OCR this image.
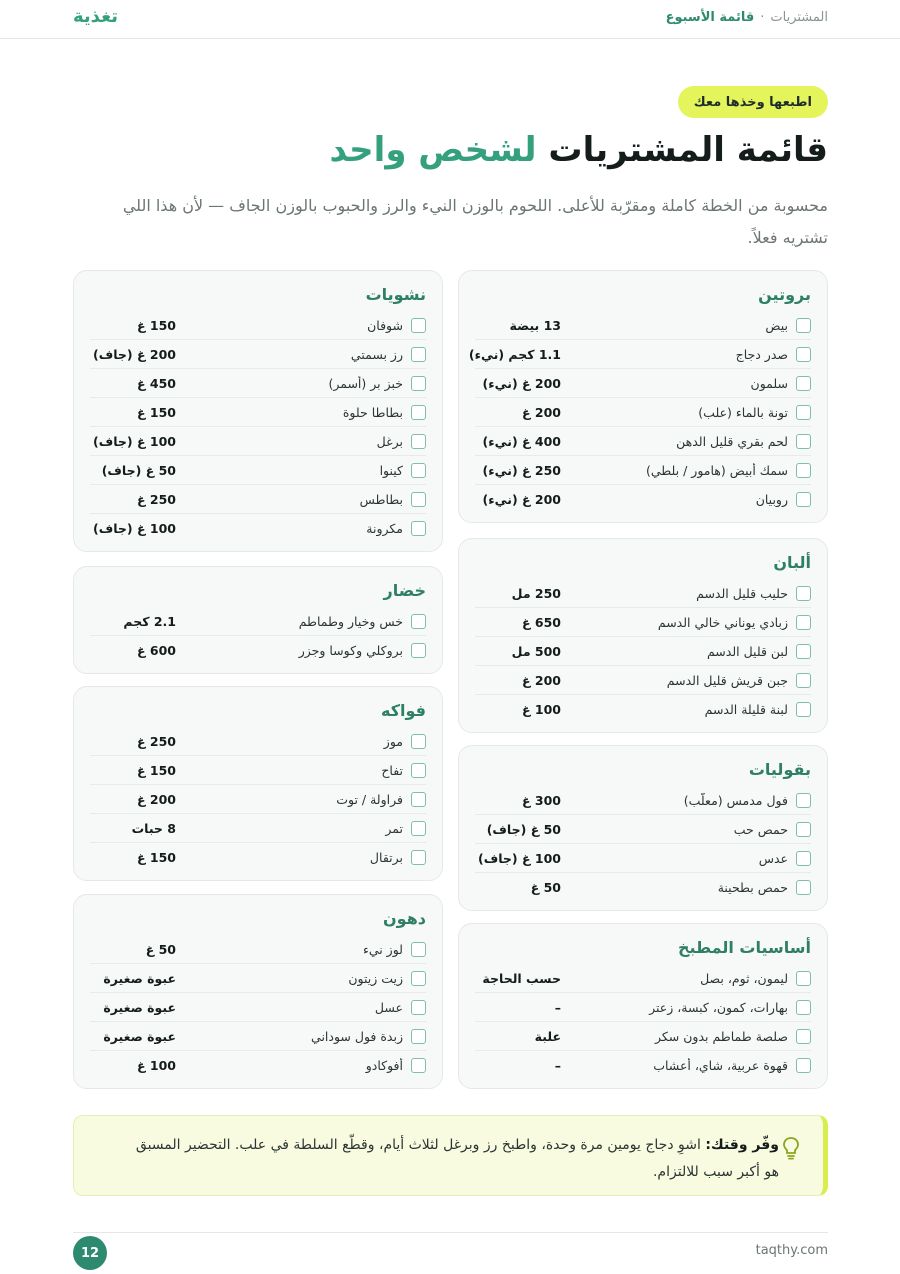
المشتريات
·
قائمة الأسبوع
تغذية
اطبعها وخذها معك
قائمة المشتريات لشخص واحد

محسوبة من الخطة كاملة ومقرّبة للأعلى. اللحوم بالوزن النيء والرز والحبوب بالوزن الجاف — لأن هذا اللي تشتريه فعلاً.

بروتين
بيض
13 بيضة
صدر دجاج
1.1 كجم (نيء)
سلمون
200 غ (نيء)
تونة بالماء (علب)
200 غ
لحم بقري قليل الدهن
400 غ (نيء)
سمك أبيض (هامور / بلطي)
250 غ (نيء)
روبيان
200 غ (نيء)
ألبان
حليب قليل الدسم
250 مل
زبادي يوناني خالي الدسم
650 غ
لبن قليل الدسم
500 مل
جبن قريش قليل الدسم
200 غ
لبنة قليلة الدسم
100 غ
بقوليات
فول مدمس (معلّب)
300 غ
حمص حب
50 غ (جاف)
عدس
100 غ (جاف)
حمص بطحينة
50 غ
أساسيات المطبخ
ليمون، ثوم، بصل
حسب الحاجة
بهارات، كمون، كبسة، زعتر
–
صلصة طماطم بدون سكر
علبة
قهوة عربية، شاي، أعشاب
–
نشويات
شوفان
150 غ
رز بسمتي
200 غ (جاف)
خبز بر (أسمر)
450 غ
بطاطا حلوة
150 غ
برغل
100 غ (جاف)
كينوا
50 غ (جاف)
بطاطس
250 غ
مكرونة
100 غ (جاف)
خضار
خس وخيار وطماطم
2.1 كجم
بروكلي وكوسا وجزر
600 غ
فواكه
موز
250 غ
تفاح
150 غ
فراولة / توت
200 غ
تمر
8 حبات
برتقال
150 غ
دهون
لوز نيء
50 غ
زيت زيتون
عبوة صغيرة
عسل
عبوة صغيرة
زبدة فول سوداني
عبوة صغيرة
أفوكادو
100 غ
وفّر وقتك: اشوِ دجاج يومين مرة وحدة، واطبخ رز وبرغل لثلاث أيام، وقطّع السلطة في علب. التحضير المسبق هو أكبر سبب للالتزام.
taqthy.com
12
